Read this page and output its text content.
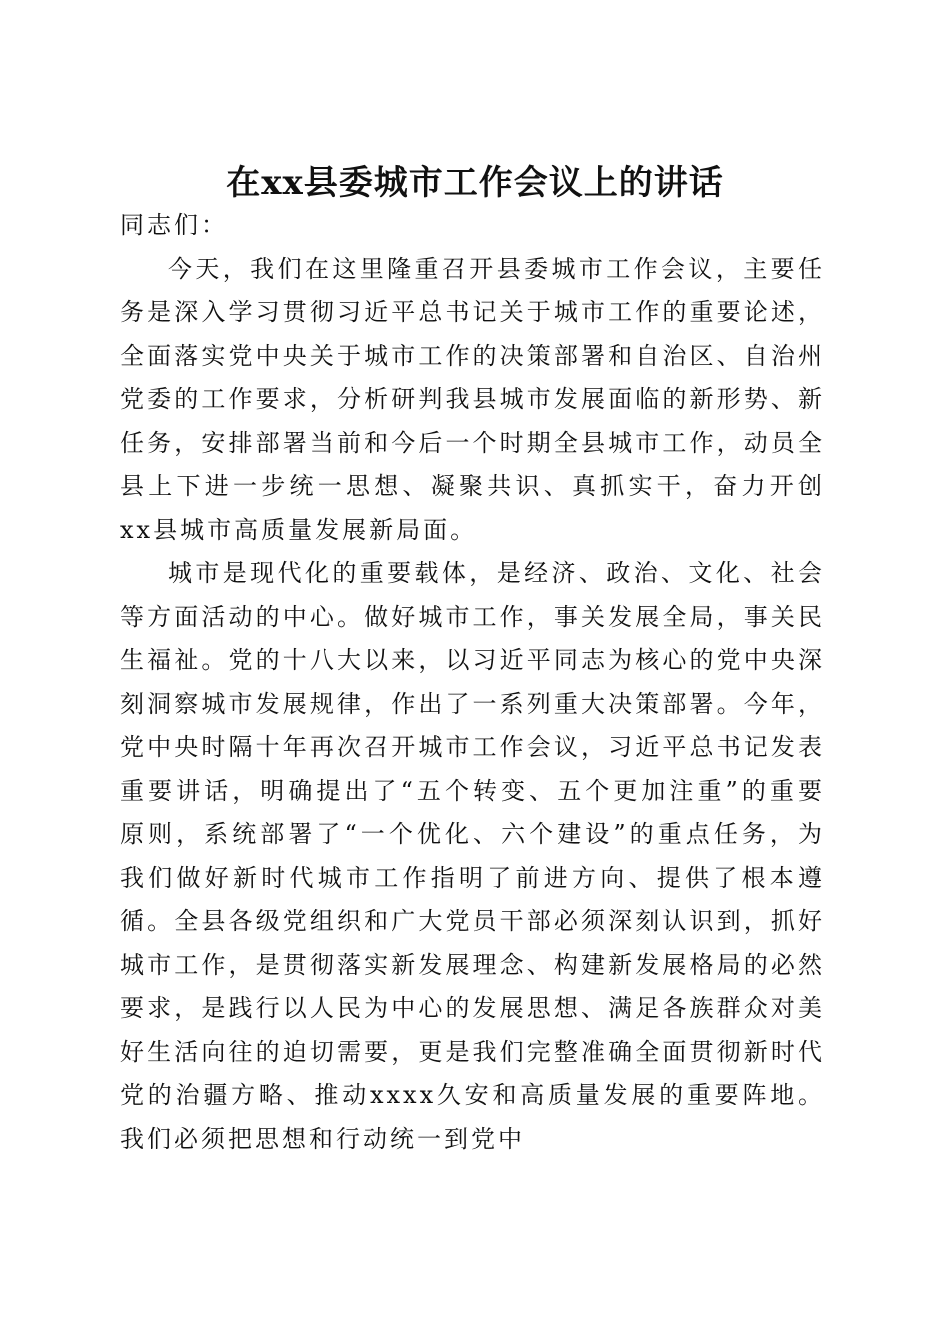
在xx县委城市工作会议上的讲话

同志们：

今天，我们在这里隆重召开县委城市工作会议，主要任务是深入学习贯彻习近平总书记关于城市工作的重要论述，全面落实党中央关于城市工作的决策部署和自治区、自治州党委的工作要求，分析研判我县城市发展面临的新形势、新任务，安排部署当前和今后一个时期全县城市工作，动员全县上下进一步统一思想、凝聚共识、真抓实干，奋力开创xx县城市高质量发展新局面。

城市是现代化的重要载体，是经济、政治、文化、社会等方面活动的中心。做好城市工作，事关发展全局，事关民生福祉。党的十八大以来，以习近平同志为核心的党中央深刻洞察城市发展规律，作出了一系列重大决策部署。今年，党中央时隔十年再次召开城市工作会议，习近平总书记发表重要讲话，明确提出了“五个转变、五个更加注重”的重要原则，系统部署了“一个优化、六个建设”的重点任务，为我们做好新时代城市工作指明了前进方向、提供了根本遵循。全县各级党组织和广大党员干部必须深刻认识到，抓好城市工作，是贯彻落实新发展理念、构建新发展格局的必然要求，是践行以人民为中心的发展思想、满足各族群众对美好生活向往的迫切需要，更是我们完整准确全面贯彻新时代党的治疆方略、推动xxxx久安和高质量发展的重要阵地。我们必须把思想和行动统一到党中
